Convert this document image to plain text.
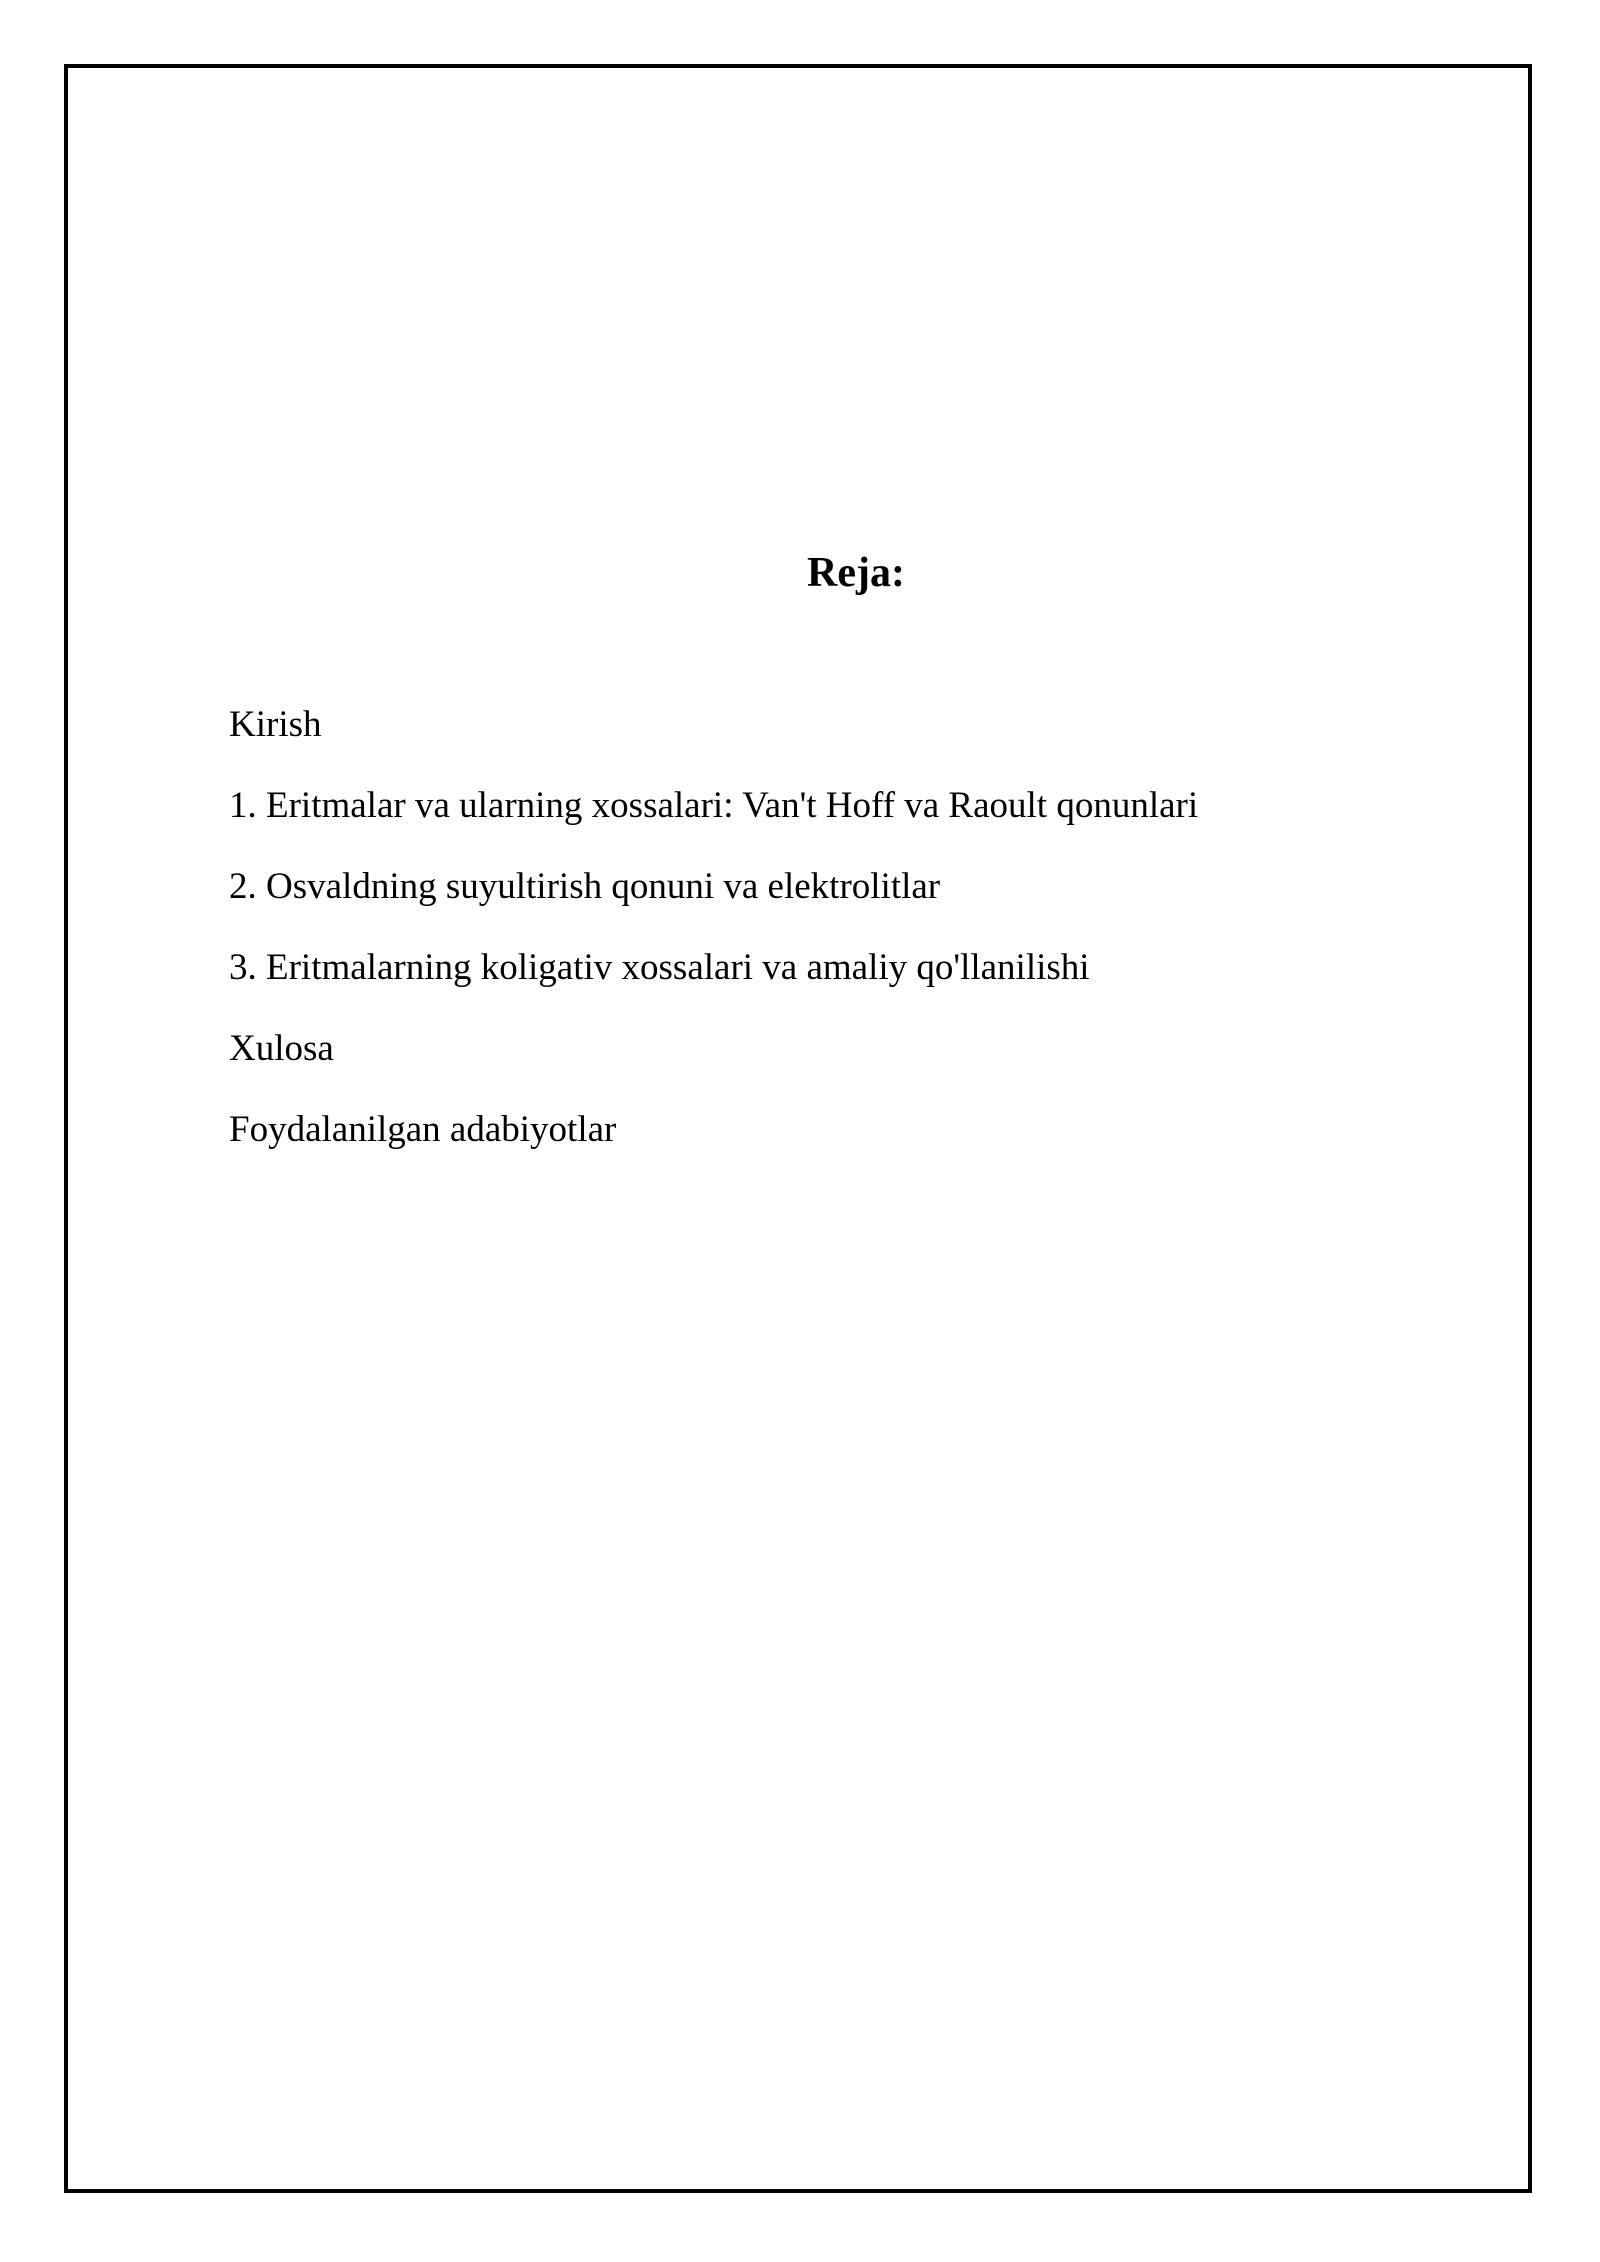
Reja:
Kirish
1. Eritmalar va ularning xossalari: Van't Hoff va Raoult qonunlari
2. Osvaldning suyultirish qonuni va elektrolitlar
3. Eritmalarning koligativ xossalari va amaliy qo'llanilishi
Xulosa
Foydalanilgan adabiyotlar
